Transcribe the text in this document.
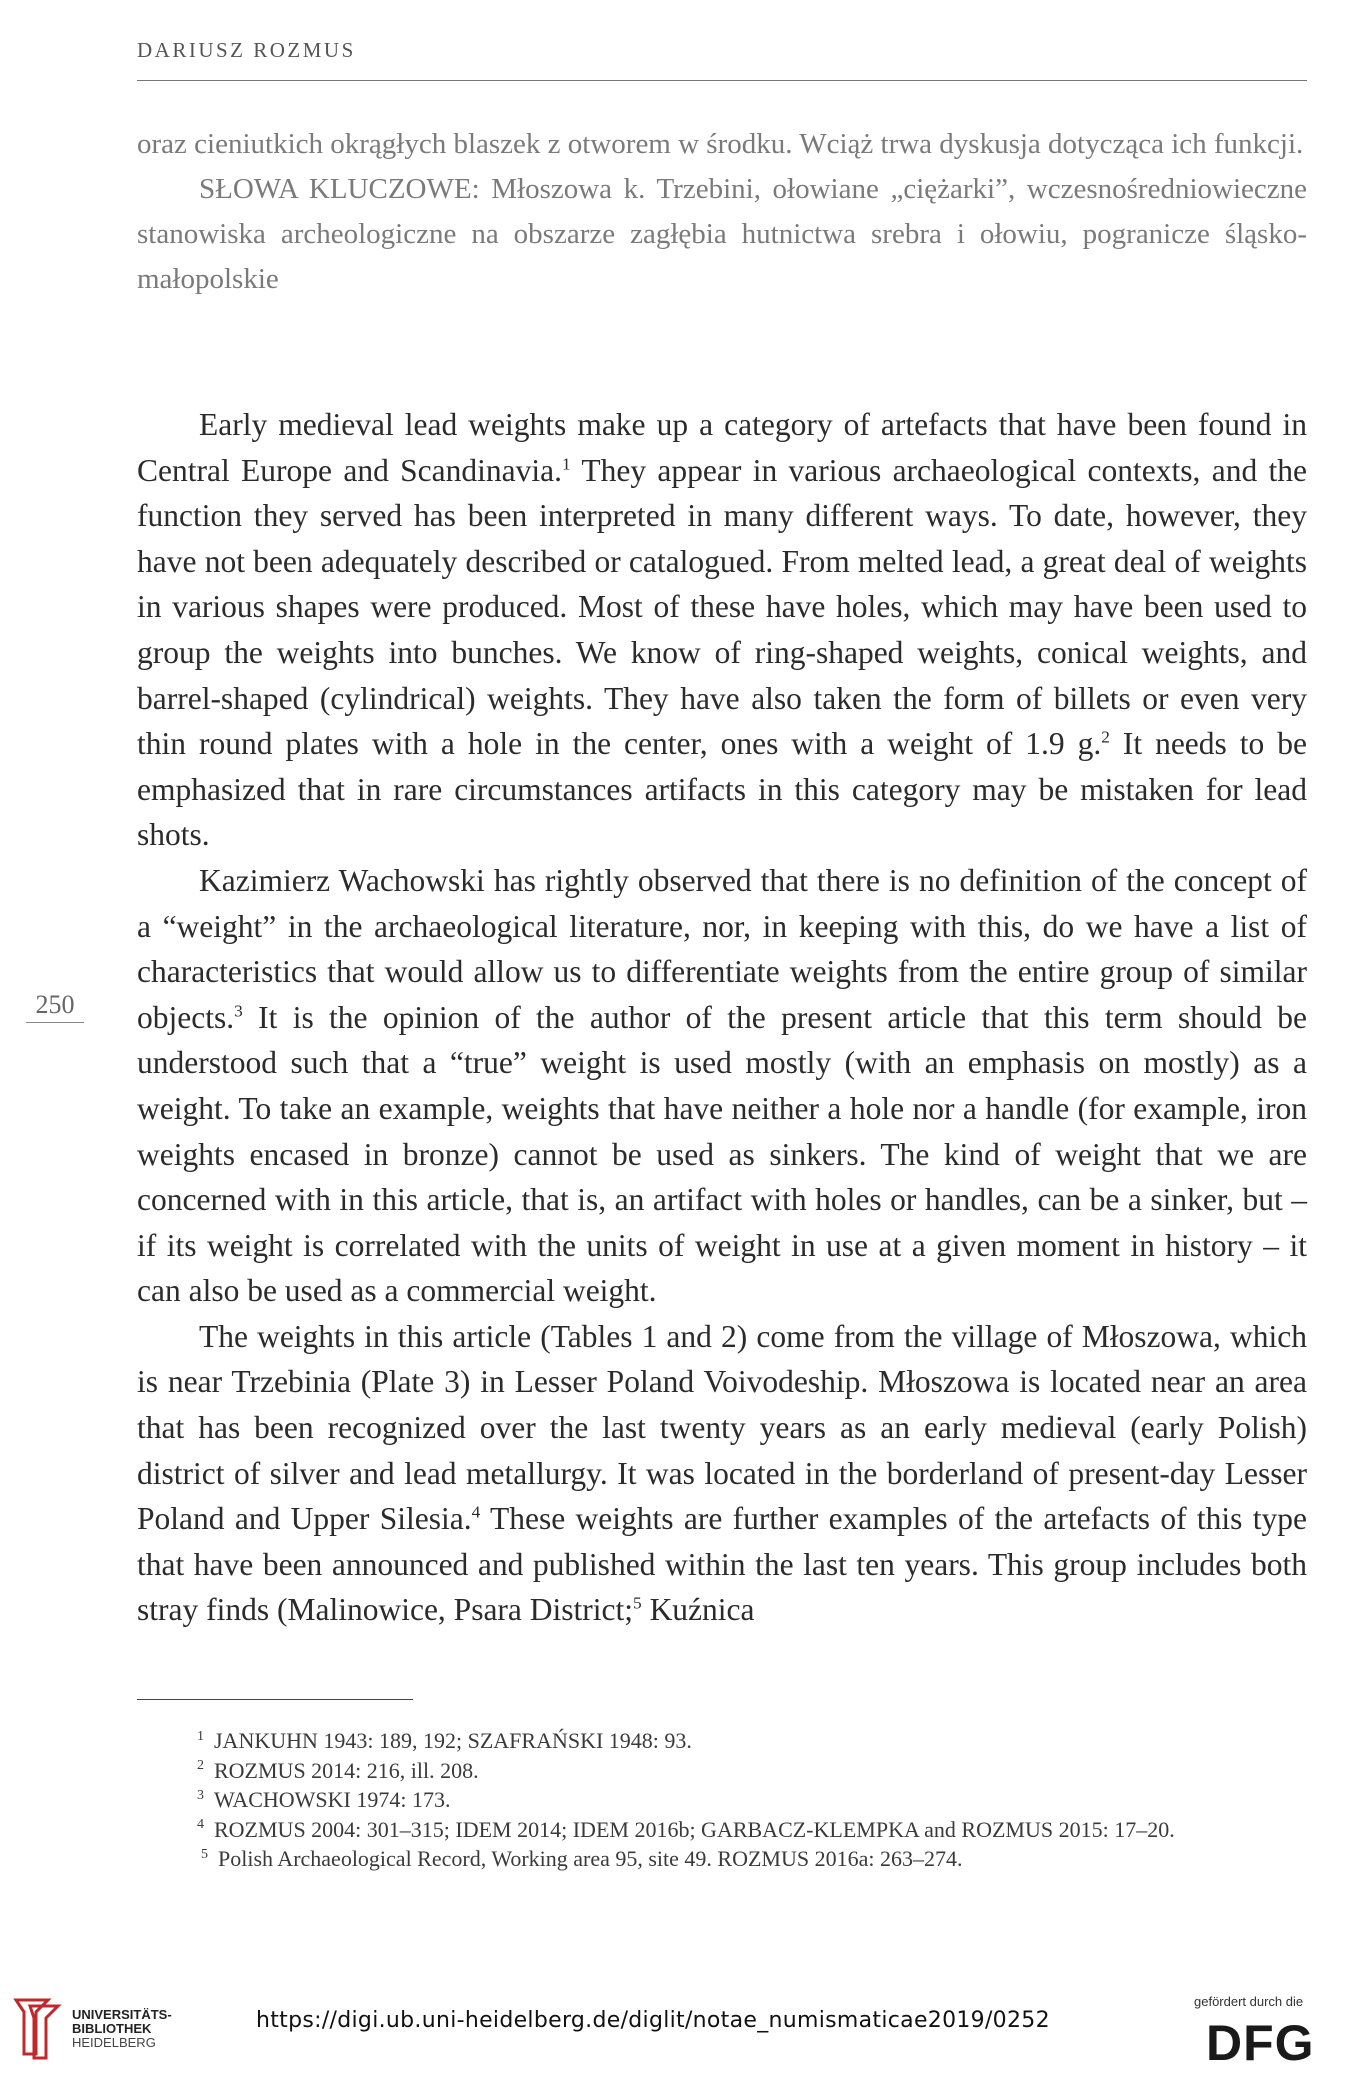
DARIUSZ ROZMUS

oraz cieniutkich okrągłych blaszek z otworem w środku. Wciąż trwa dyskusja dotycząca ich funkcji.

SŁOWA KLUCZOWE: Młoszowa k. Trzebini, ołowiane „ciężarki”, wczesnośredniowieczne stanowiska archeologiczne na obszarze zagłębia hutnictwa srebra i ołowiu, pogranicze śląsko-małopolskie

Early medieval lead weights make up a category of artefacts that have been found in Central Europe and Scandinavia.$^1$ They appear in various archaeological contexts, and the function they served has been interpreted in many different ways. To date, however, they have not been adequately described or catalogued. From melted lead, a great deal of weights in various shapes were produced. Most of these have holes, which may have been used to group the weights into bunches. We know of ring-shaped weights, conical weights, and barrel-shaped (cylindrical) weights. They have also taken the form of billets or even very thin round plates with a hole in the center, ones with a weight of 1.9 g.$^2$ It needs to be emphasized that in rare circumstances artifacts in this category may be mistaken for lead shots.

Kazimierz Wachowski has rightly observed that there is no definition of the concept of a “weight” in the archaeological literature, nor, in keeping with this, do we have a list of characteristics that would allow us to differentiate weights from the entire group of similar objects.$^3$ It is the opinion of the author of the present article that this term should be understood such that a “true” weight is used mostly (with an emphasis on mostly) as a weight. To take an example, weights that have neither a hole nor a handle (for example, iron weights encased in bronze) cannot be used as sinkers. The kind of weight that we are concerned with in this article, that is, an artifact with holes or handles, can be a sinker, but – if its weight is correlated with the units of weight in use at a given moment in history – it can also be used as a commercial weight.

The weights in this article (Tables 1 and 2) come from the village of Młoszowa, which is near Trzebinia (Plate 3) in Lesser Poland Voivodeship. Młoszowa is located near an area that has been recognized over the last twenty years as an early medieval (early Polish) district of silver and lead metallurgy. It was located in the borderland of present-day Lesser Poland and Upper Silesia.$^4$ These weights are further examples of the artefacts of this type that have been announced and published within the last ten years. This group includes both stray finds (Malinowice, Psara District;$^5$ Kuźnica

250

$^1$ JANKUHN 1943: 189, 192; SZAFRAŃSKI 1948: 93.

$^2$ ROZMUS 2014: 216, ill. 208.

$^3$ WACHOWSKI 1974: 173.

$^4$ ROZMUS 2004: 301–315; IDEM 2014; IDEM 2016b; GARBACZ-KLEMPKA and ROZMUS 2015: 17–20.

$^5$ Polish Archaeological Record, Working area 95, site 49. ROZMUS 2016a: 263–274.

UNIVERSITÄTS-
BIBLIOTHEK
HEIDELBERG
https://digi.ub.uni-heidelberg.de/diglit/notae_numismaticae2019/0252
gefördert durch die
DFG
